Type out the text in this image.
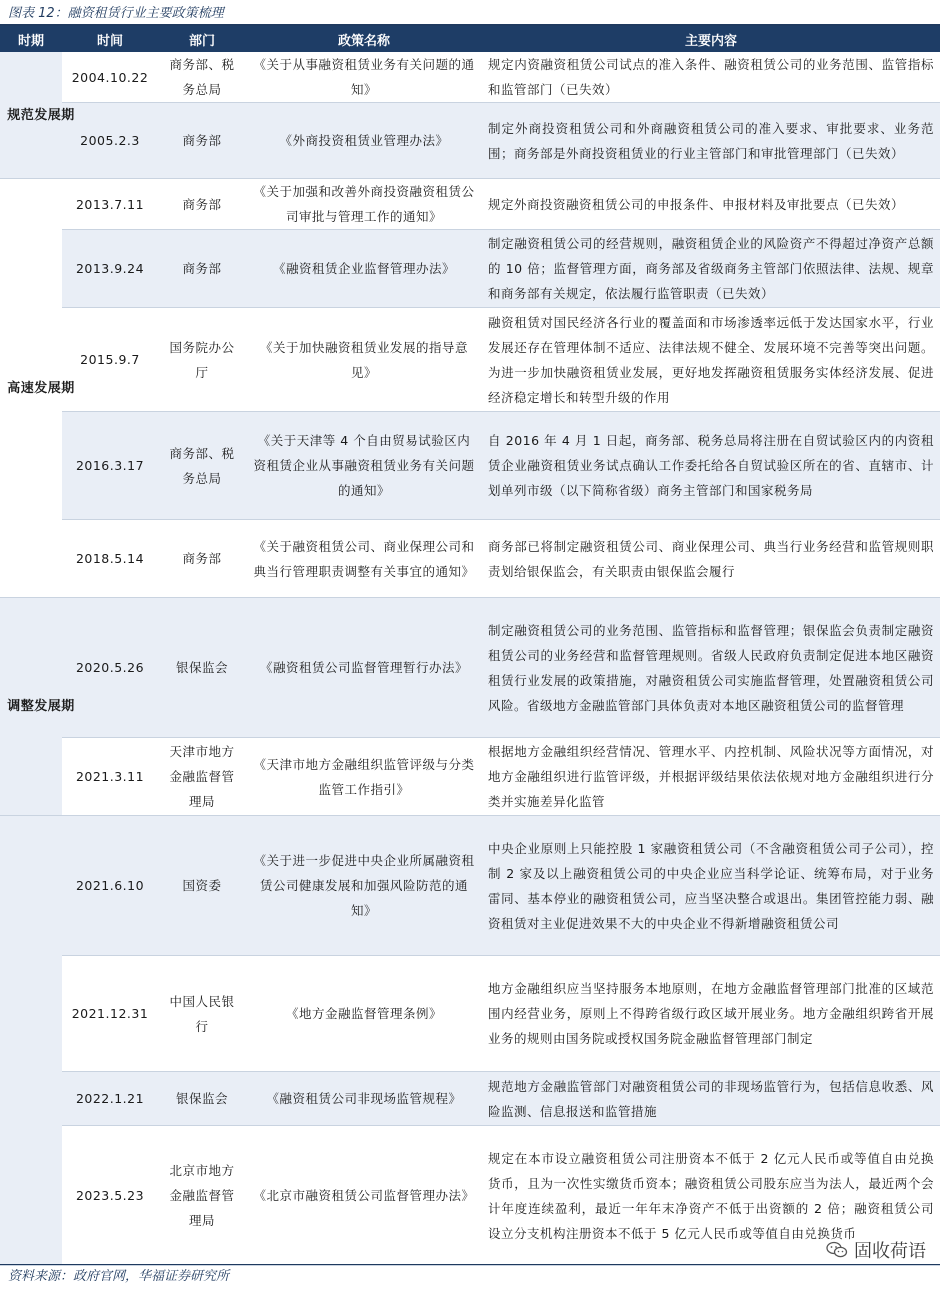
图表 12：融资租赁行业主要政策梳理
时期	时间	部门	政策名称	主要内容

规范发展期	2004.10.22	商务部、税务总局	《关于从事融资租赁业务有关问题的通知》	规定内资融资租赁公司试点的准入条件、融资租赁公司的业务范围、监管指标和监管部门（已失效）
	2005.2.3	商务部	《外商投资租赁业管理办法》	制定外商投资租赁公司和外商融资租赁公司的准入要求、审批要求、业务范围；商务部是外商投资租赁业的行业主管部门和审批管理部门（已失效）

高速发展期	2013.7.11	商务部	《关于加强和改善外商投资融资租赁公司审批与管理工作的通知》	规定外商投资融资租赁公司的申报条件、申报材料及审批要点（已失效）
	2013.9.24	商务部	《融资租赁企业监督管理办法》	制定融资租赁公司的经营规则，融资租赁企业的风险资产不得超过净资产总额的 10 倍；监督管理方面，商务部及省级商务主管部门依照法律、法规、规章和商务部有关规定，依法履行监管职责（已失效）
	2015.9.7	国务院办公厅	《关于加快融资租赁业发展的指导意见》	融资租赁对国民经济各行业的覆盖面和市场渗透率远低于发达国家水平，行业发展还存在管理体制不适应、法律法规不健全、发展环境不完善等突出问题。为进一步加快融资租赁业发展，更好地发挥融资租赁服务实体经济发展、促进经济稳定增长和转型升级的作用
	2016.3.17	商务部、税务总局	《关于天津等 4 个自由贸易试验区内资租赁企业从事融资租赁业务有关问题的通知》	自 2016 年 4 月 1 日起，商务部、税务总局将注册在自贸试验区内的内资租赁企业融资租赁业务试点确认工作委托给各自贸试验区所在的省、直辖市、计划单列市级（以下简称省级）商务主管部门和国家税务局
	2018.5.14	商务部	《关于融资租赁公司、商业保理公司和典当行管理职责调整有关事宜的通知》	商务部已将制定融资租赁公司、商业保理公司、典当行业务经营和监管规则职责划给银保监会，有关职责由银保监会履行

调整发展期	2020.5.26	银保监会	《融资租赁公司监督管理暂行办法》	制定融资租赁公司的业务范围、监管指标和监督管理；银保监会负责制定融资租赁公司的业务经营和监督管理规则。省级人民政府负责制定促进本地区融资租赁行业发展的政策措施，对融资租赁公司实施监督管理，处置融资租赁公司风险。省级地方金融监管部门具体负责对本地区融资租赁公司的监督管理
	2021.3.11	天津市地方金融监督管理局	《天津市地方金融组织监管评级与分类监管工作指引》	根据地方金融组织经营情况、管理水平、内控机制、风险状况等方面情况，对地方金融组织进行监管评级，并根据评级结果依法依规对地方金融组织进行分类并实施差异化监管
	2021.6.10	国资委	《关于进一步促进中央企业所属融资租赁公司健康发展和加强风险防范的通知》	中央企业原则上只能控股 1 家融资租赁公司（不含融资租赁公司子公司），控制 2 家及以上融资租赁公司的中央企业应当科学论证、统筹布局，对于业务雷同、基本停业的融资租赁公司，应当坚决整合或退出。集团管控能力弱、融资租赁对主业促进效果不大的中央企业不得新增融资租赁公司
	2021.12.31	中国人民银行	《地方金融监督管理条例》	地方金融组织应当坚持服务本地原则，在地方金融监督管理部门批准的区域范围内经营业务，原则上不得跨省级行政区域开展业务。地方金融组织跨省开展业务的规则由国务院或授权国务院金融监督管理部门制定
	2022.1.21	银保监会	《融资租赁公司非现场监管规程》	规范地方金融监管部门对融资租赁公司的非现场监管行为，包括信息收悉、风险监测、信息报送和监管措施
	2023.5.23	北京市地方金融监督管理局	《北京市融资租赁公司监督管理办法》	规定在本市设立融资租赁公司注册资本不低于 2 亿元人民币或等值自由兑换货币，且为一次性实缴货币资本；融资租赁公司股东应当为法人，最近两个会计年度连续盈利，最近一年年末净资产不低于出资额的 2 倍；融资租赁公司设立分支机构注册资本不低于 5 亿元人民币或等值自由兑换货币
固收荷语
资料来源：政府官网，华福证券研究所
